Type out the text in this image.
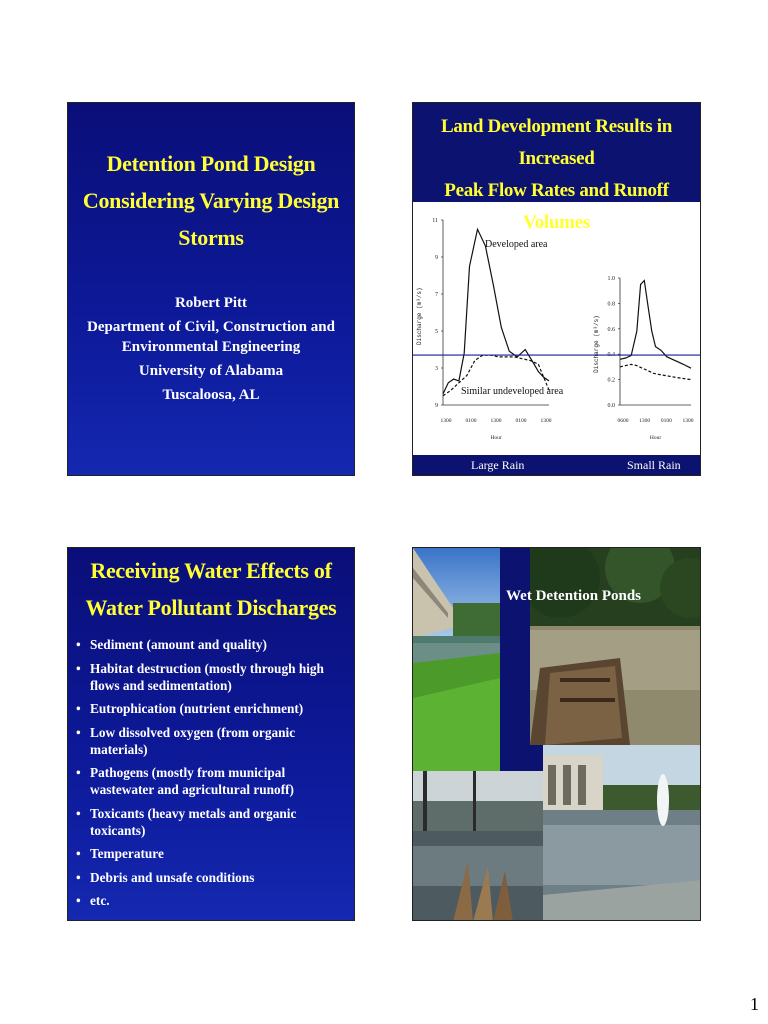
Detention Pond Design
Considering Varying Design
Storms
Robert Pitt
Department of Civil, Construction and
Environmental Engineering
University of Alabama
Tuscaloosa, AL
Land Development Results in Increased
Peak Flow Rates and Runoff Volumes
11
9
7
5
3
9
1300	0100	1300	0100	1300
Hour
Discharge (m³/s)
Developed area
Similar undeveloped area
1.0
0.8
0.6
0.4
0.2
0.0
0600 1300 0100 1300
Hour
Discharge (m³/s)
Large Rain	Small Rain
Receiving Water Effects of
Water Pollutant Discharges
• Sediment (amount and quality)
• Habitat destruction (mostly through high flows and sedimentation)
• Eutrophication (nutrient enrichment)
• Low dissolved oxygen (from organic materials)
• Pathogens (mostly from municipal wastewater and agricultural runoff)
• Toxicants (heavy metals and organic toxicants)
• Temperature
• Debris and unsafe conditions
• etc.
Wet Detention Ponds
1
